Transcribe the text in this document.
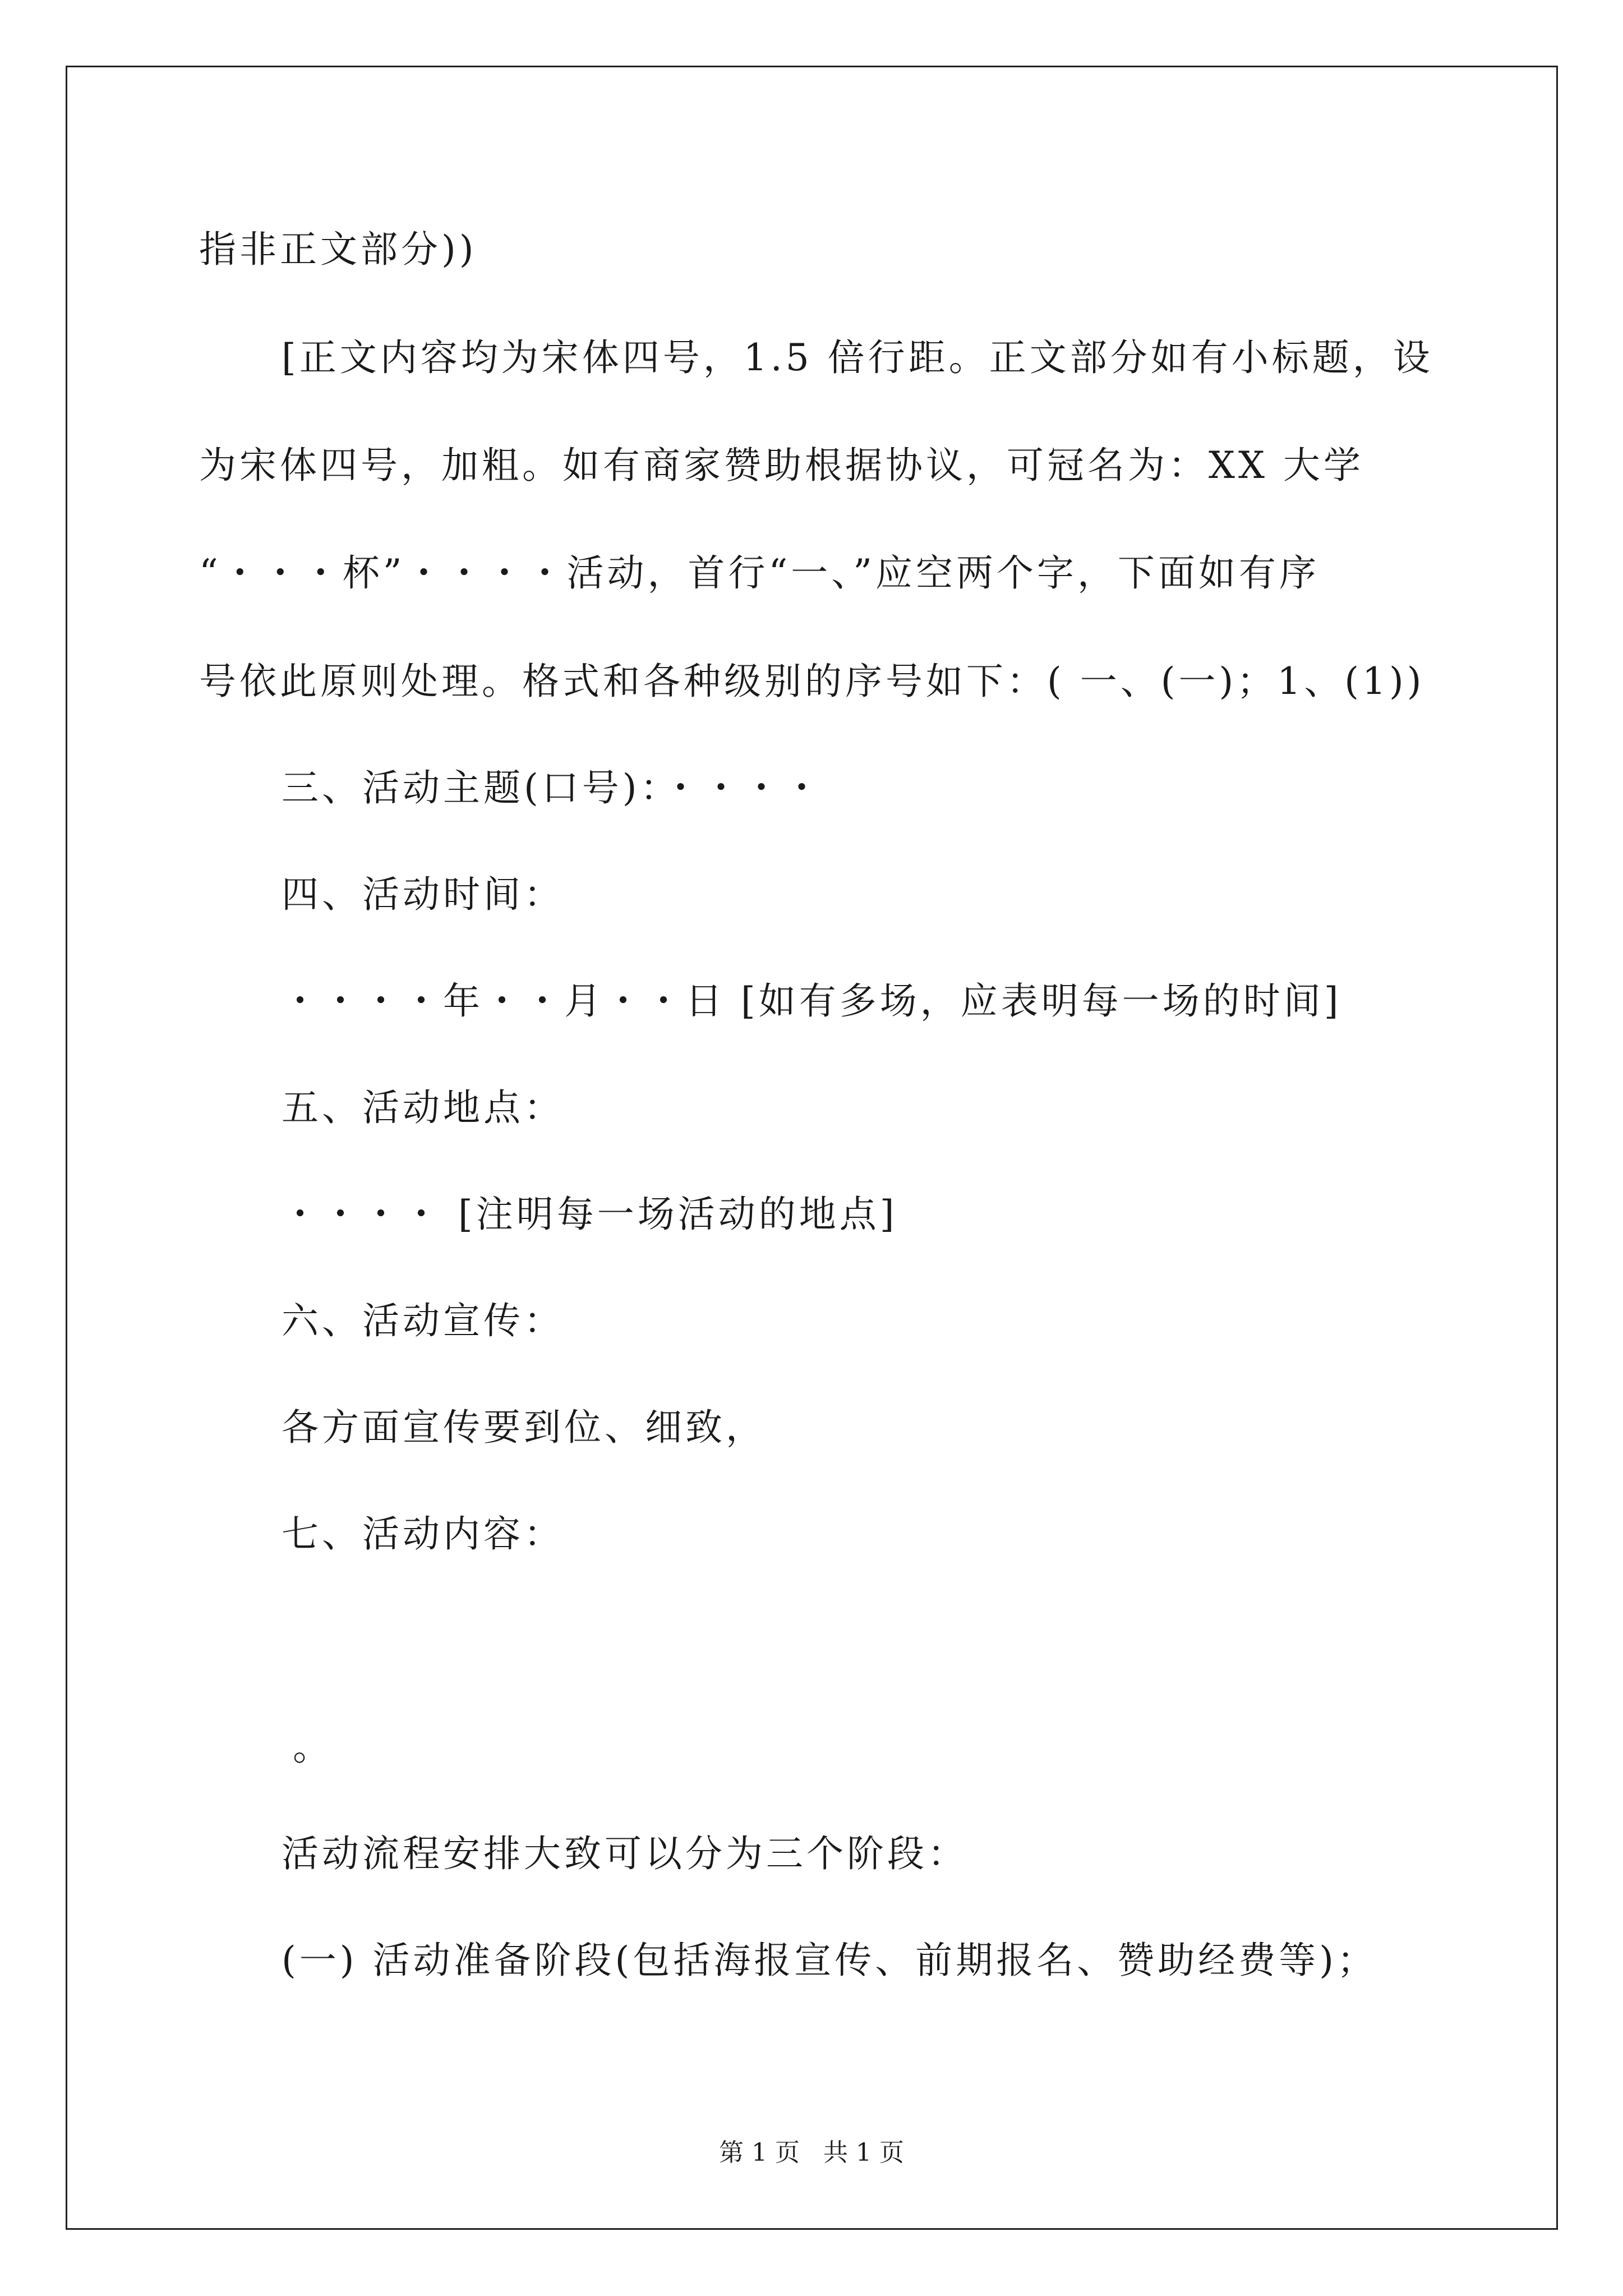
指非正文部分))
[正文内容均为宋体四号，1.5 倍行距。正文部分如有小标题，设
为宋体四号，加粗。如有商家赞助根据协议，可冠名为：XX 大学
“・・・杯”・・・・活动，首行“一、”应空两个字，下面如有序
号依此原则处理。格式和各种级别的序号如下：( 一、(一)；1、(1))
三、活动主题(口号)：・・・・
四、活动时间：
・・・・年・・月・・日 [如有多场，应表明每一场的时间]
五、活动地点：
・・・・ [注明每一场活动的地点]
六、活动宣传：
各方面宣传要到位、细致，
七、活动内容：
。
活动流程安排大致可以分为三个阶段：
(一) 活动准备阶段(包括海报宣传、前期报名、赞助经费等)；
第 1 页   共 1 页
